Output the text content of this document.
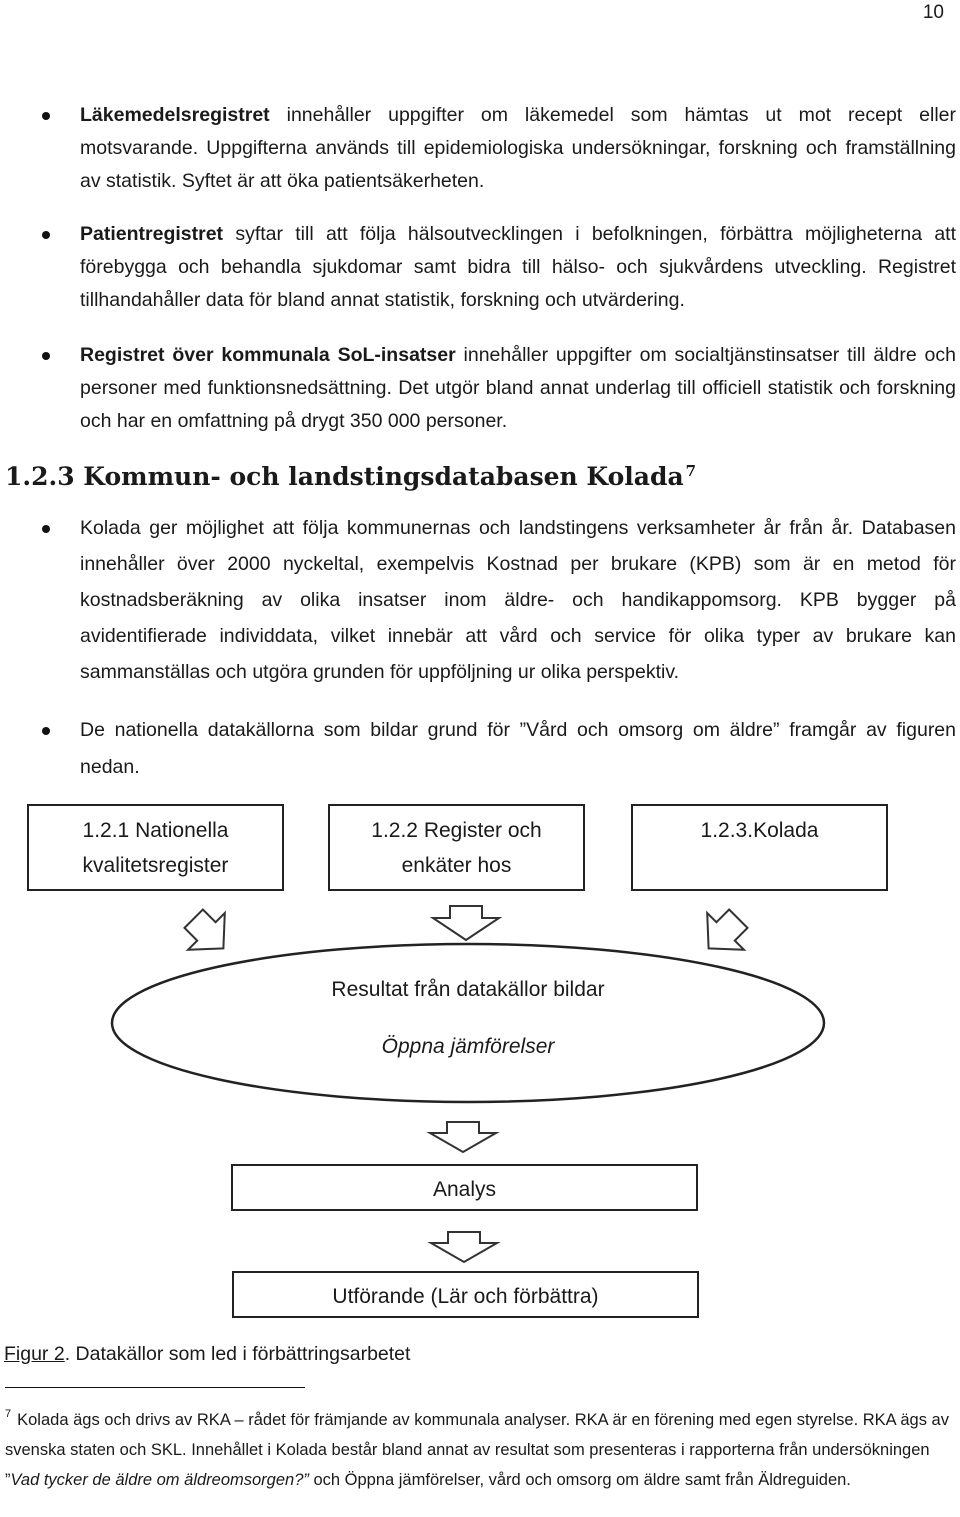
10
Läkemedelsregistret innehåller uppgifter om läkemedel som hämtas ut mot recept eller motsvarande. Uppgifterna används till epidemiologiska undersökningar, forskning och framställning av statistik. Syftet är att öka patientsäkerheten.
Patientregistret syftar till att följa hälsoutvecklingen i befolkningen, förbättra möjligheterna att förebygga och behandla sjukdomar samt bidra till hälso- och sjukvårdens utveckling. Registret tillhandahåller data för bland annat statistik, forskning och utvärdering.
Registret över kommunala SoL-insatser innehåller uppgifter om socialtjänstinsatser till äldre och personer med funktionsnedsättning. Det utgör bland annat underlag till officiell statistik och forskning och har en omfattning på drygt 350 000 personer.
1.2.3 Kommun- och landstingsdatabasen Kolada $^7$
Kolada ger möjlighet att följa kommunernas och landstingens verksamheter år från år. Databasen innehåller över 2000 nyckeltal, exempelvis Kostnad per brukare (KPB) som är en metod för kostnadsberäkning av olika insatser inom äldre- och handikappomsorg. KPB bygger på avidentifierade individdata, vilket innebär att vård och service för olika typer av brukare kan sammanställas och utgöra grunden för uppföljning ur olika perspektiv.
De nationella datakällorna som bildar grund för ”Vård och omsorg om äldre” framgår av figuren nedan.
1.2.1 Nationella
kvalitetsregister
1.2.2 Register och
enkäter hos
1.2.3.Kolada
Resultat från datakällor bildar
Öppna jämförelser
Analys
Utförande (Lär och förbättra)
Figur 2. Datakällor som led i förbättringsarbetet
$^7$ Kolada ägs och drivs av RKA – rådet för främjande av kommunala analyser. RKA är en förening med egen styrelse. RKA ägs av svenska staten och SKL. Innehållet i Kolada består bland annat av resultat som presenteras i rapporterna från undersökningen ”Vad tycker de äldre om äldreomsorgen?” och Öppna jämförelser, vård och omsorg om äldre samt från Äldreguiden.
